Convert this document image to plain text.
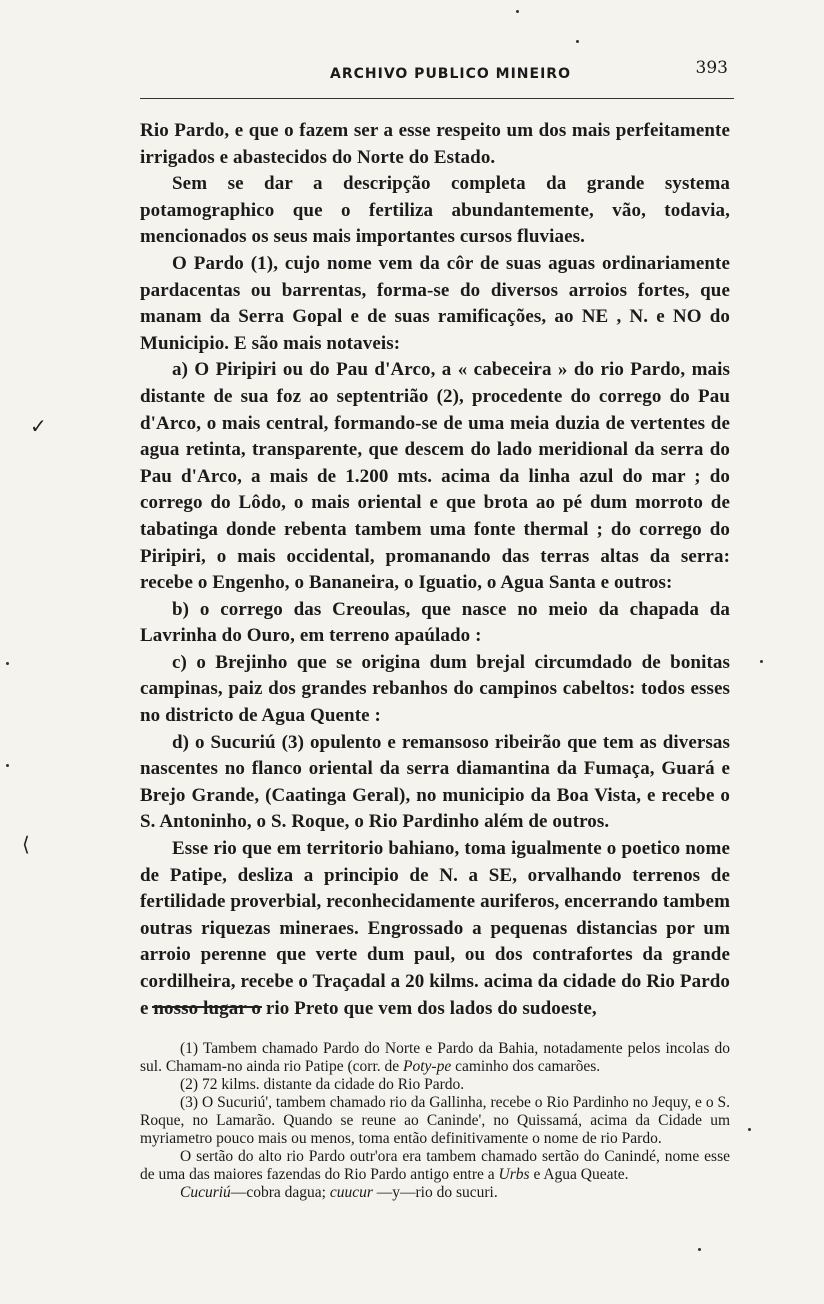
ARCHIVO PUBLICO MINEIRO	393

Rio Pardo, e que o fazem ser a esse respeito um dos mais perfeitamente irrigados e abastecidos do Norte do Estado.

Sem se dar a descripção completa da grande systema potamographico que o fertiliza abundantemente, vão, todavia, mencionados os seus mais importantes cursos fluviaes.

O Pardo (1), cujo nome vem da côr de suas aguas ordinariamente pardacentas ou barrentas, forma-se do diversos arroios fortes, que manam da Serra Gopal e de suas ramificações, ao NE , N. e NO do Municipio. E são mais notaveis:

a) O Piripiri ou do Pau d'Arco, a « cabeceira » do rio Pardo, mais distante de sua foz ao septentrião (2), procedente do corrego do Pau d'Arco, o mais central, formando-se de uma meia duzia de vertentes de agua retinta, transparente, que descem do lado meridional da serra do Pau d'Arco, a mais de 1.200 mts. acima da linha azul do mar ; do corrego do Lôdo, o mais oriental e que brota ao pé dum morroto de tabatinga donde rebenta tambem uma fonte thermal ; do corrego do Piripiri, o mais occidental, promanando das terras altas da serra: recebe o Engenho, o Bananeira, o Iguatio, o Agua Santa e outros:

b) o corrego das Creoulas, que nasce no meio da chapada da Lavrinha do Ouro, em terreno apaúlado :

c) o Brejinho que se origina dum brejal circumdado de bonitas campinas, paiz dos grandes rebanhos do campinos cabeltos: todos esses no districto de Agua Quente :

d) o Sucuriú (3) opulento e remansoso ribeirão que tem as diversas nascentes no flanco oriental da serra diamantina da Fumaça, Guará e Brejo Grande, (Caatinga Geral), no municipio da Boa Vista, e recebe o S. Antoninho, o S. Roque, o Rio Pardinho além de outros.

Esse rio que em territorio bahiano, toma igualmente o poetico nome de Patipe, desliza a principio de N. a SE, orvalhando terrenos de fertilidade proverbial, reconhecidamente auriferos, encerrando tambem outras riquezas mineraes. Engrossado a pequenas distancias por um arroio perenne que verte dum paul, ou dos contrafortes da grande cordilheira, recebe o Traçadal a 20 kilms. acima da cidade do Rio Pardo e nosso lugar o rio Preto que vem dos lados do sudoeste,

(1) Tambem chamado Pardo do Norte e Pardo da Bahia, notadamente pelos incolas do sul. Chamam-no ainda rio Patipe (corr. de Poty-pe caminho dos camarões.

(2) 72 kilms. distante da cidade do Rio Pardo.

(3) O Sucuriú', tambem chamado rio da Gallinha, recebe o Rio Pardinho no Jequy, e o S. Roque, no Lamarão. Quando se reune ao Caninde', no Quissamá, acima da Cidade um myriametro pouco mais ou menos, toma então definitivamente o nome de rio Pardo.

O sertão do alto rio Pardo outr'ora era tambem chamado sertão do Canindé, nome esse de uma das maiores fazendas do Rio Pardo antigo entre a Urbs e Agua Queate.

Cucuriú—cobra dagua; cuucur —y—rio do sucuri.

✓
⟨
